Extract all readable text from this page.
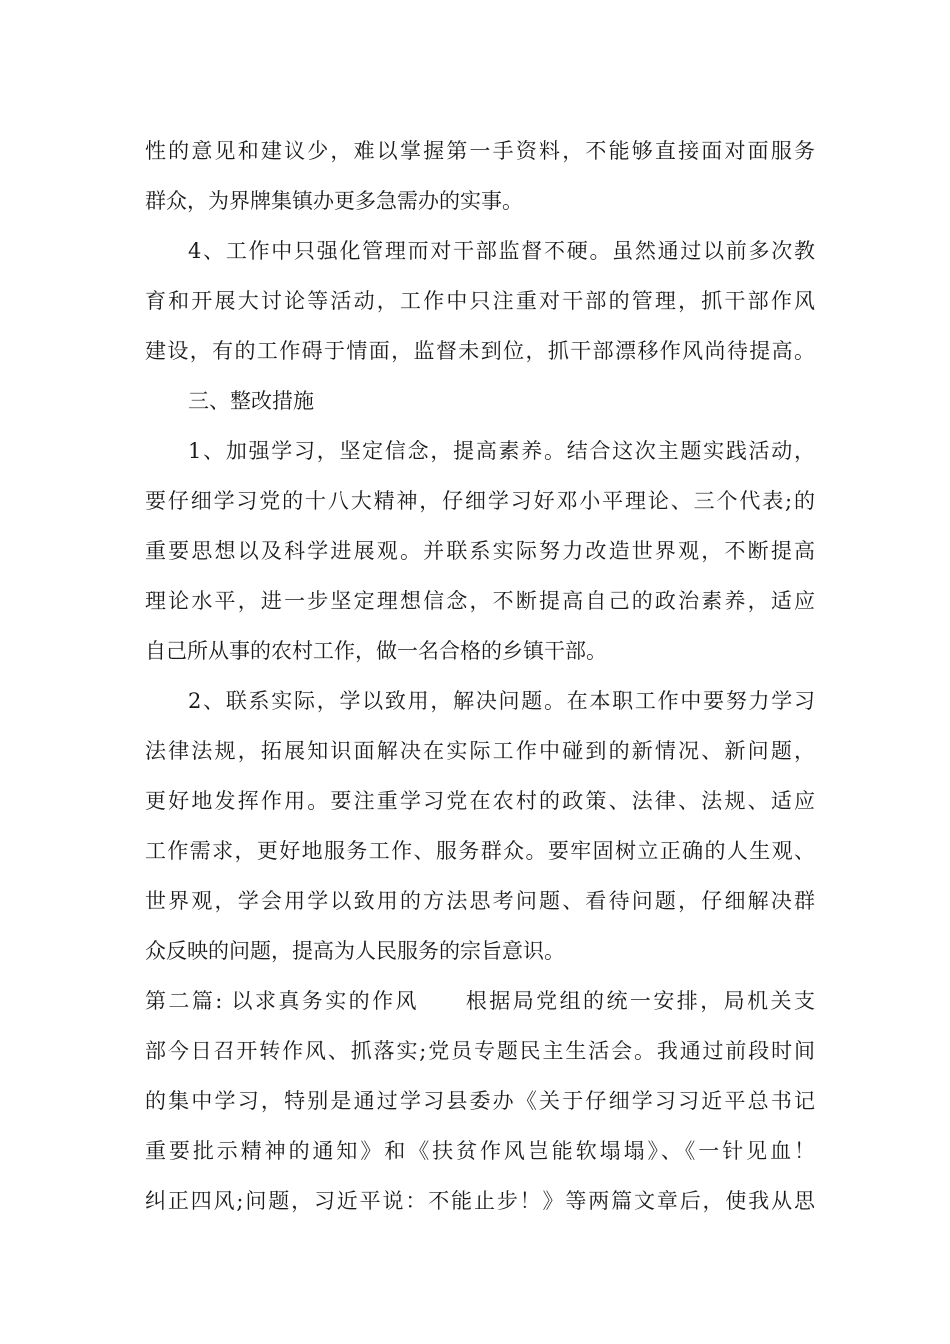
性的意见和建议少，难以掌握第一手资料，不能够直接面对面服务
群众，为界牌集镇办更多急需办的实事。
4、工作中只强化管理而对干部监督不硬。虽然通过以前多次教
育和开展大讨论等活动，工作中只注重对干部的管理，抓干部作风
建设，有的工作碍于情面，监督未到位，抓干部漂移作风尚待提高。
三、整改措施
1、加强学习，坚定信念，提高素养。结合这次主题实践活动，
要仔细学习党的十八大精神，仔细学习好邓小平理论、三个代表;的
重要思想以及科学进展观。并联系实际努力改造世界观，不断提高
理论水平，进一步坚定理想信念，不断提高自己的政治素养，适应
自己所从事的农村工作，做一名合格的乡镇干部。
2、联系实际，学以致用，解决问题。在本职工作中要努力学习
法律法规，拓展知识面解决在实际工作中碰到的新情况、新问题，
更好地发挥作用。要注重学习党在农村的政策、法律、法规、适应
工作需求，更好地服务工作、服务群众。要牢固树立正确的人生观、
世界观，学会用学以致用的方法思考问题、看待问题，仔细解决群
众反映的问题，提高为人民服务的宗旨意识。
第二篇: 以求真务实的作风　　根据局党组的统一安排，局机关支
部今日召开转作风、抓落实;党员专题民主生活会。我通过前段时间
的集中学习，特别是通过学习县委办《关于仔细学习习近平总书记
重要批示精神的通知》和《扶贫作风岂能软塌塌》、《一针见血！
纠正四风;问题，习近平说：不能止步！》等两篇文章后，使我从思
